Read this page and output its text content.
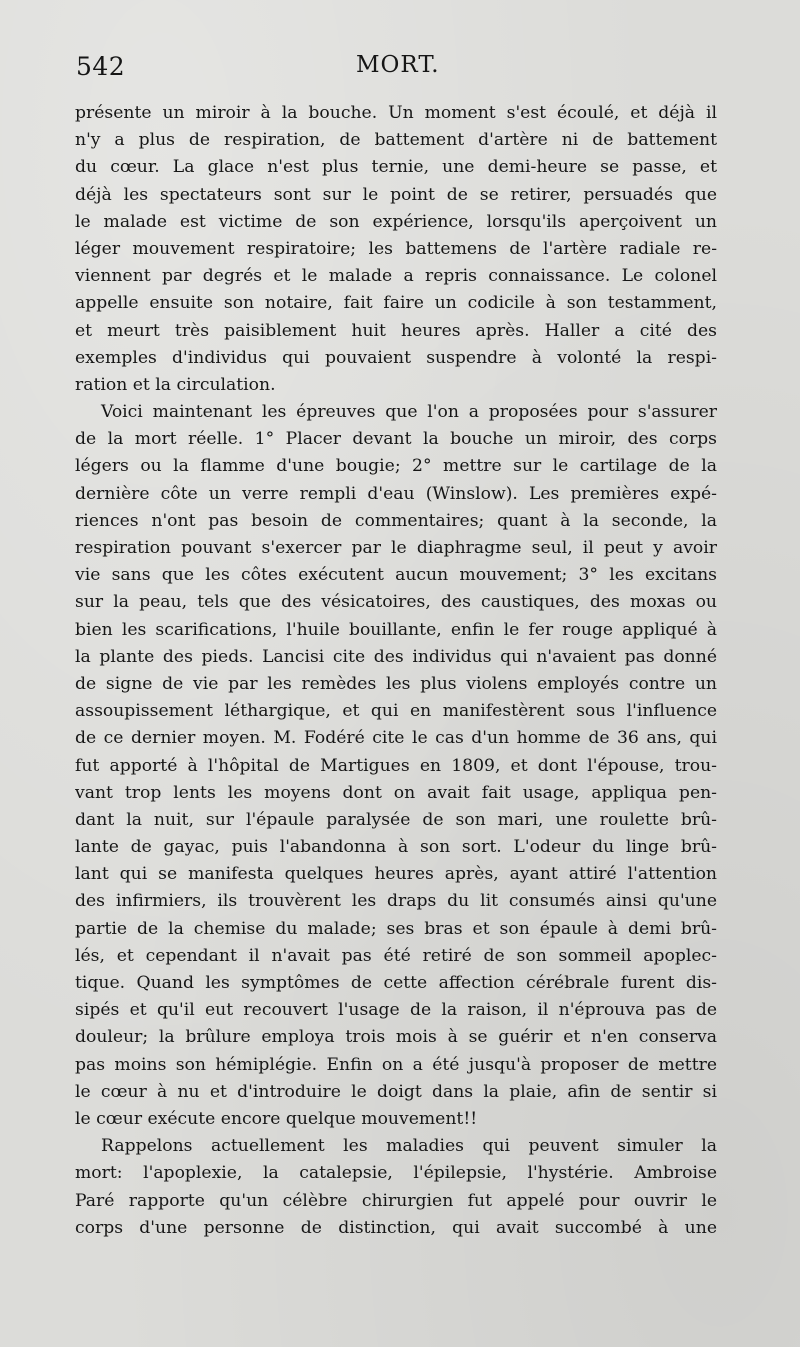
542	MORT.
présente un miroir à la bouche. Un moment s'est écoulé, et déjà il
n'y a plus de respiration, de battement d'artère ni de battement
du cœur. La glace n'est plus ternie, une demi-heure se passe, et
déjà les spectateurs sont sur le point de se retirer, persuadés que
le malade est victime de son expérience, lorsqu'ils aperçoivent un
léger mouvement respiratoire; les battemens de l'artère radiale re-
viennent par degrés et le malade a repris connaissance. Le colonel
appelle ensuite son notaire, fait faire un codicile à son testamment,
et meurt très paisiblement huit heures après. Haller a cité des
exemples d'individus qui pouvaient suspendre à volonté la respi-
ration et la circulation.
Voici maintenant les épreuves que l'on a proposées pour s'assurer
de la mort réelle. 1° Placer devant la bouche un miroir, des corps
légers ou la flamme d'une bougie; 2° mettre sur le cartilage de la
dernière côte un verre rempli d'eau (Winslow). Les premières expé-
riences n'ont pas besoin de commentaires; quant à la seconde, la
respiration pouvant s'exercer par le diaphragme seul, il peut y avoir
vie sans que les côtes exécutent aucun mouvement; 3° les excitans
sur la peau, tels que des vésicatoires, des caustiques, des moxas ou
bien les scarifications, l'huile bouillante, enfin le fer rouge appliqué à
la plante des pieds. Lancisi cite des individus qui n'avaient pas donné
de signe de vie par les remèdes les plus violens employés contre un
assoupissement léthargique, et qui en manifestèrent sous l'influence
de ce dernier moyen. M. Fodéré cite le cas d'un homme de 36 ans, qui
fut apporté à l'hôpital de Martigues en 1809, et dont l'épouse, trou-
vant trop lents les moyens dont on avait fait usage, appliqua pen-
dant la nuit, sur l'épaule paralysée de son mari, une roulette brû-
lante de gayac, puis l'abandonna à son sort. L'odeur du linge brû-
lant qui se manifesta quelques heures après, ayant attiré l'attention
des infirmiers, ils trouvèrent les draps du lit consumés ainsi qu'une
partie de la chemise du malade; ses bras et son épaule à demi brû-
lés, et cependant il n'avait pas été retiré de son sommeil apoplec-
tique. Quand les symptômes de cette affection cérébrale furent dis-
sipés et qu'il eut recouvert l'usage de la raison, il n'éprouva pas de
douleur; la brûlure employa trois mois à se guérir et n'en conserva
pas moins son hémiplégie. Enfin on a été jusqu'à proposer de mettre
le cœur à nu et d'introduire le doigt dans la plaie, afin de sentir si
le cœur exécute encore quelque mouvement!!
Rappelons actuellement les maladies qui peuvent simuler la
mort: l'apoplexie, la catalepsie, l'épilepsie, l'hystérie. Ambroise
Paré rapporte qu'un célèbre chirurgien fut appelé pour ouvrir le
corps d'une personne de distinction, qui avait succombé à une
